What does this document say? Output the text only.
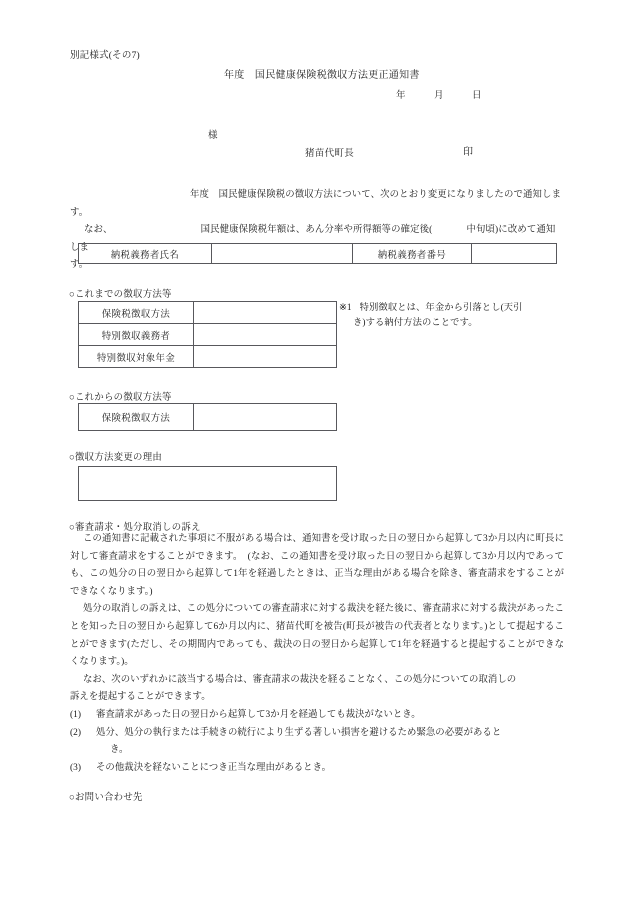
別記様式(その7)
年度　国民健康保険税徴収方法更正通知書
年　　　月　　　日
様
猪苗代町長	印
年度　国民健康保険税の徴収方法について、次のとおり変更になりましたので通知します。
なお、	国民健康保険税年額は、あん分率や所得額等の確定後(	中旬頃)に改めて通知しま
す。
納税義務者氏名		納税義務者番号	
○これまでの徴収方法等
保険税徴収方法	
特別徴収義務者	
特別徴収対象年金	
※1 特別徴収とは、年金から引落とし(天引
き)する納付方法のことです。
○これからの徴収方法等
保険税徴収方法	
○徴収方法変更の理由
○審査請求・処分取消しの訴え

この通知書に記載された事項に不服がある場合は、通知書を受け取った日の翌日から起算して3か月以内に町長に対して審査請求をすることができます。　(なお、この通知書を受け取った日の翌日から起算して3か月以内であっても、この処分の日の翌日から起算して1年を経過したときは、正当な理由がある場合を除き、審査請求をすることができなくなります。)

処分の取消しの訴えは、この処分についての審査請求に対する裁決を経た後に、審査請求に対する裁決があったことを知った日の翌日から起算して6か月以内に、猪苗代町を被告(町長が被告の代表者となります。)として提起することができます(ただし、その期間内であっても、裁決の日の翌日から起算して1年を経過すると提起することができなくなります。)。

なお、次のいずれかに該当する場合は、審査請求の裁決を経ることなく、この処分についての取消しの

訴えを提起することができます。

(1) 審査請求があった日の翌日から起算して3か月を経過しても裁決がないとき。
(2) 処分、処分の執行または手続きの続行により生ずる著しい損害を避けるため緊急の必要があると
き。
(3) その他裁決を経ないことにつき正当な理由があるとき。
○お問い合わせ先
